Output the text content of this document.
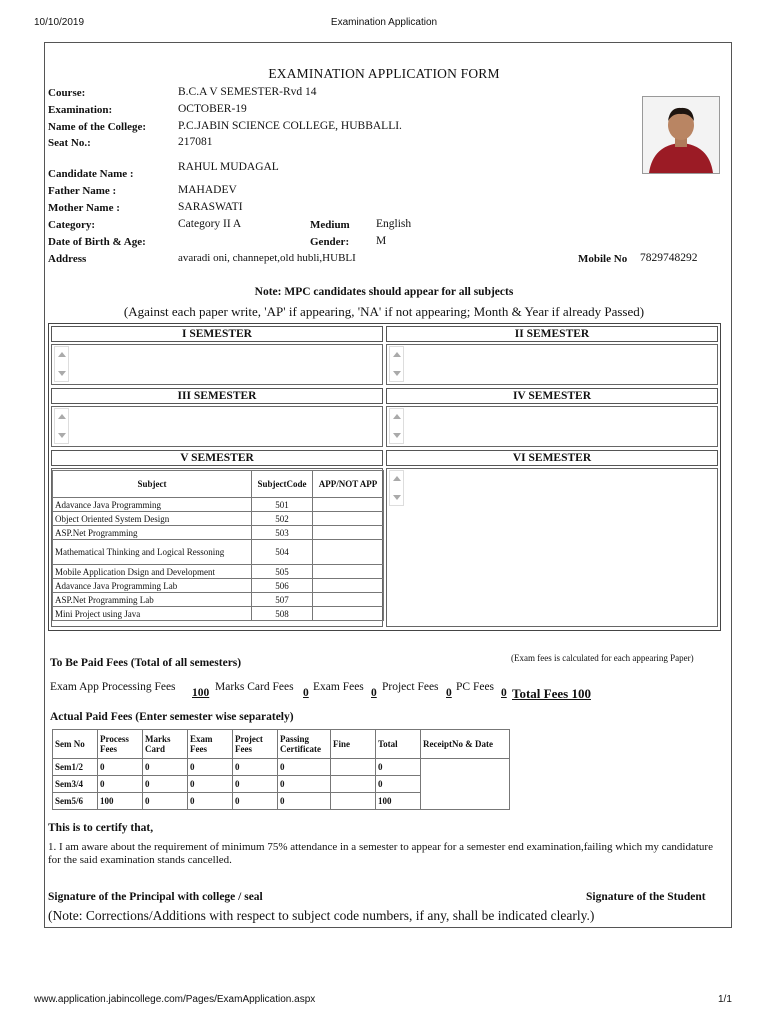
10/10/2019	Examination Application
www.application.jabincollege.com/Pages/ExamApplication.aspx	1/1
EXAMINATION APPLICATION FORM
Course:	B.C.A V SEMESTER-Rvd 14
Examination:	OCTOBER-19
Name of the College:	P.C.JABIN SCIENCE COLLEGE, HUBBALLI.
Seat No.:	217081
Candidate Name :
RAHUL MUDAGAL
Father Name :	MAHADEV
Mother Name :	SARASWATI
Category:	Category II A	Medium English
Date of Birth & Age:	Gender: M
Address	avaradi oni, channepet,old hubli,HUBLI	Mobile No 7829748292
Note: MPC candidates should appear for all subjects
(Against each paper write, 'AP' if appearing, 'NA' if not appearing; Month & Year if already Passed)
I SEMESTER	II SEMESTER
III SEMESTER	IV SEMESTER
V SEMESTER	VI SEMESTER
Subject	SubjectCode	APP/NOT APP
Adavance Java Programming	501	
Object Oriented System Design	502	
ASP.Net Programming	503	
Mathematical Thinking and Logical Ressoning	504	
Mobile Application Dsign and Development	505	
Adavance Java Programming Lab	506	
ASP.Net Programming Lab	507	
Mini Project using Java	508	
To Be Paid Fees (Total of all semesters)	(Exam fees is calculated for each appearing Paper)
Exam App Processing Fees	100 Marks Card Fees 0 Exam Fees 0 Project Fees 0 PC Fees 0 Total Fees 100
Actual Paid Fees (Enter semester wise separately)
Sem No	Process Fees	Marks Card	Exam Fees	Project Fees	Passing Certificate	Fine	Total	ReceiptNo & Date
Sem1/2	0	0	0	0	0		0	
Sem3/4	0	0	0	0	0		0	
Sem5/6	100	0	0	0	0		100	
This is to certify that,
1. I am aware about the requirement of minimum 75% attendance in a semester to appear for a semester end examination,failing which my candidature for the said examination stands cancelled.
Signature of the Principal with college / seal	Signature of the Student
(Note: Corrections/Additions with respect to subject code numbers, if any, shall be indicated clearly.)
